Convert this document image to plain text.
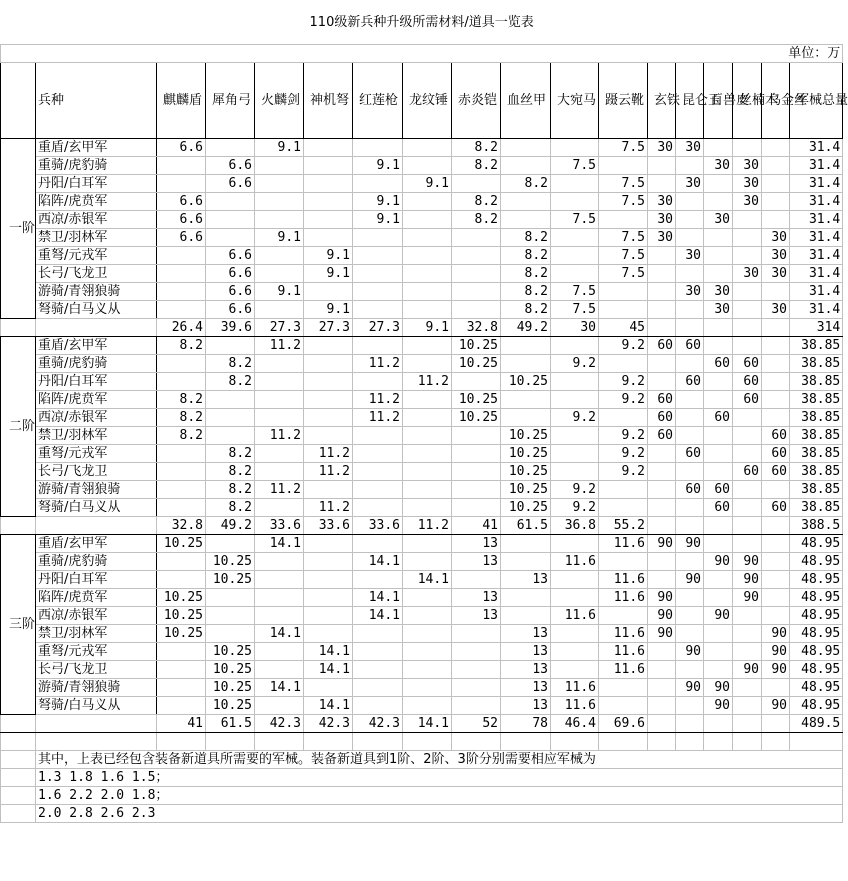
110级新兵种升级所需材料/道具一览表																	
单位：万																	
	兵种	麒麟盾	犀角弓	火麟剑	神机弩	红莲枪	龙纹锤	赤炎铠	血丝甲	大宛马	蹑云靴	玄铁	昆仑玉	百兽皮	丝楠木	乌金丝	军械总量
一阶	重盾/玄甲军	6.6		9.1				8.2			7.5	30	30				31.4
	重骑/虎豹骑		6.6			9.1		8.2		7.5				30	30		31.4
	丹阳/白耳军		6.6				9.1		8.2		7.5		30		30		31.4
	陷阵/虎贲军	6.6				9.1		8.2			7.5	30			30		31.4
	西凉/赤银军	6.6				9.1		8.2		7.5		30		30			31.4
	禁卫/羽林军	6.6		9.1					8.2		7.5	30				30	31.4
	重弩/元戎军		6.6		9.1				8.2		7.5		30			30	31.4
	长弓/飞龙卫		6.6		9.1				8.2		7.5				30	30	31.4
	游骑/青翎狼骑		6.6	9.1					8.2	7.5			30	30			31.4
	弩骑/白马义从		6.6		9.1				8.2	7.5				30		30	31.4
		26.4	39.6	27.3	27.3	27.3	9.1	32.8	49.2	30	45						314
二阶	重盾/玄甲军	8.2		11.2				10.25			9.2	60	60				38.85
	重骑/虎豹骑		8.2			11.2		10.25		9.2				60	60		38.85
	丹阳/白耳军		8.2				11.2		10.25		9.2		60		60		38.85
	陷阵/虎贲军	8.2				11.2		10.25			9.2	60			60		38.85
	西凉/赤银军	8.2				11.2		10.25		9.2		60		60			38.85
	禁卫/羽林军	8.2		11.2					10.25		9.2	60				60	38.85
	重弩/元戎军		8.2		11.2				10.25		9.2		60			60	38.85
	长弓/飞龙卫		8.2		11.2				10.25		9.2				60	60	38.85
	游骑/青翎狼骑		8.2	11.2					10.25	9.2			60	60			38.85
	弩骑/白马义从		8.2		11.2				10.25	9.2				60		60	38.85
		32.8	49.2	33.6	33.6	33.6	11.2	41	61.5	36.8	55.2						388.5
三阶	重盾/玄甲军	10.25		14.1				13			11.6	90	90				48.95
	重骑/虎豹骑		10.25			14.1		13		11.6				90	90		48.95
	丹阳/白耳军		10.25				14.1		13		11.6		90		90		48.95
	陷阵/虎贲军	10.25				14.1		13			11.6	90			90		48.95
	西凉/赤银军	10.25				14.1		13		11.6		90		90			48.95
	禁卫/羽林军	10.25		14.1					13		11.6	90				90	48.95
	重弩/元戎军		10.25		14.1				13		11.6		90			90	48.95
	长弓/飞龙卫		10.25		14.1				13		11.6				90	90	48.95
	游骑/青翎狼骑		10.25	14.1					13	11.6			90	90			48.95
	弩骑/白马义从		10.25		14.1				13	11.6				90		90	48.95
		41	61.5	42.3	42.3	42.3	14.1	52	78	46.4	69.6						489.5

	其中，上表已经包含装备新道具所需要的军械。装备新道具到1阶、2阶、3阶分别需要相应军械为																
	1.3 1.8 1.6 1.5；																
	1.6 2.2 2.0 1.8；																
	2.0 2.8 2.6 2.3																
